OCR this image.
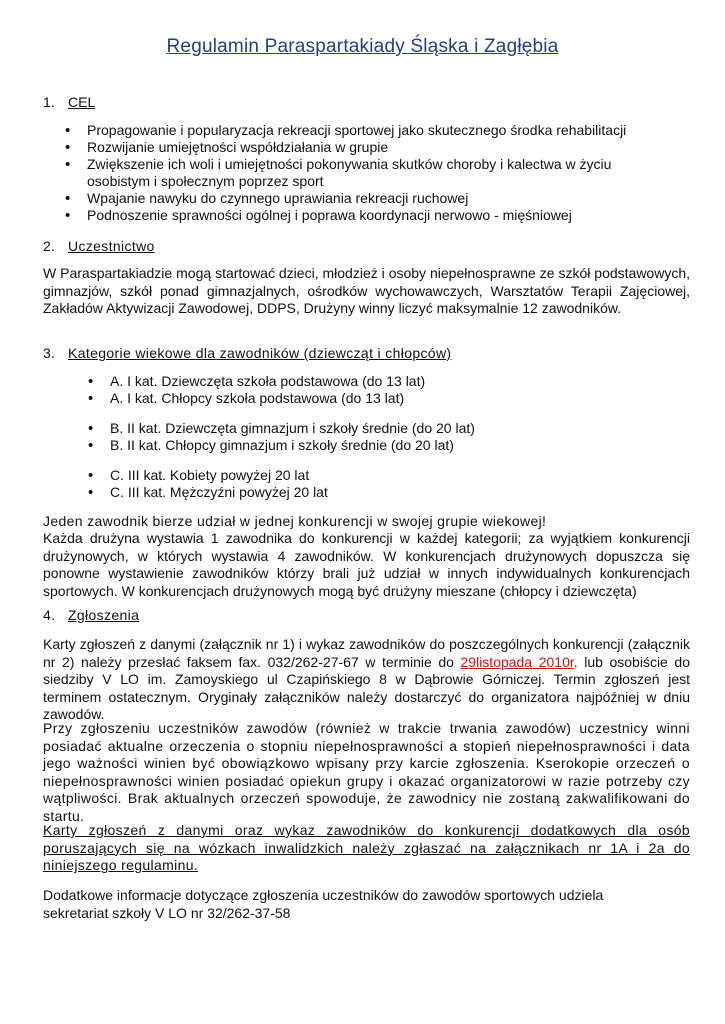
Regulamin Paraspartakiady Śląska i Zagłębia
1. CEL
• Propagowanie i popularyzacja rekreacji sportowej jako skutecznego środka rehabilitacji
• Rozwijanie umiejętności współdziałania w grupie
• Zwiększenie ich woli i umiejętności pokonywania skutków choroby i kalectwa w życiu osobistym i społecznym poprzez sport
• Wpajanie nawyku do czynnego uprawiania rekreacji ruchowej
• Podnoszenie sprawności ogólnej i poprawa koordynacji nerwowo - mięśniowej
2. Uczestnictwo
W Paraspartakiadzie mogą startować dzieci, młodzież i osoby niepełnosprawne ze szkół podstawowych, gimnazjów, szkół ponad gimnazjalnych, ośrodków wychowawczych, Warsztatów Terapii Zajęciowej, Zakładów Aktywizacji Zawodowej, DDPS, Drużyny winny liczyć maksymalnie 12 zawodników.
3. Kategorie wiekowe dla zawodników (dziewcząt i chłopców)
• A. I kat. Dziewczęta szkoła podstawowa (do 13 lat)
• A. I kat. Chłopcy szkoła podstawowa (do 13 lat)
• B. II kat. Dziewczęta gimnazjum i szkoły średnie (do 20 lat)
• B. II kat. Chłopcy gimnazjum i szkoły średnie (do 20 lat)
• C. III kat. Kobiety powyżej 20 lat
• C. III kat. Mężczyźni powyżej 20 lat
Jeden zawodnik bierze udział w jednej konkurencji w swojej grupie wiekowej!
Każda drużyna wystawia 1 zawodnika do konkurencji w każdej kategorii; za wyjątkiem konkurencji drużynowych, w których wystawia 4 zawodników. W konkurencjach drużynowych dopuszcza się ponowne wystawienie zawodników którzy brali już udział w innych indywidualnych konkurencjach sportowych. W konkurencjach drużynowych mogą być drużyny mieszane (chłopcy i dziewczęta)
4. Zgłoszenia
Karty zgłoszeń z danymi (załącznik nr 1) i wykaz zawodników do poszczególnych konkurencji (załącznik nr 2) należy przesłać faksem fax. 032/262-27-67 w terminie do 29listopada 2010r. lub osobiście do siedziby V LO im. Zamoyskiego ul Czapińskiego 8 w Dąbrowie Górniczej. Termin zgłoszeń jest terminem ostatecznym. Oryginały załączników należy dostarczyć do organizatora najpóźniej w dniu zawodów.
Przy zgłoszeniu uczestników zawodów (również w trakcie trwania zawodów) uczestnicy winni posiadać aktualne orzeczenia o stopniu niepełnosprawności a stopień niepełnosprawności i data jego ważności winien być obowiązkowo wpisany przy karcie zgłoszenia. Kserokopie orzeczeń o niepełnosprawności winien posiadać opiekun grupy i okazać organizatorowi w razie potrzeby czy wątpliwości. Brak aktualnych orzeczeń spowoduje, że zawodnicy nie zostaną zakwalifikowani do startu.
Karty zgłoszeń z danymi oraz wykaz zawodników do konkurencji dodatkowych dla osób poruszających się na wózkach inwalidzkich należy zgłaszać na załącznikach nr 1A i 2a do niniejszego regulaminu.
Dodatkowe informacje dotyczące zgłoszenia uczestników do zawodów sportowych udziela sekretariat szkoły V LO nr 32/262-37-58
